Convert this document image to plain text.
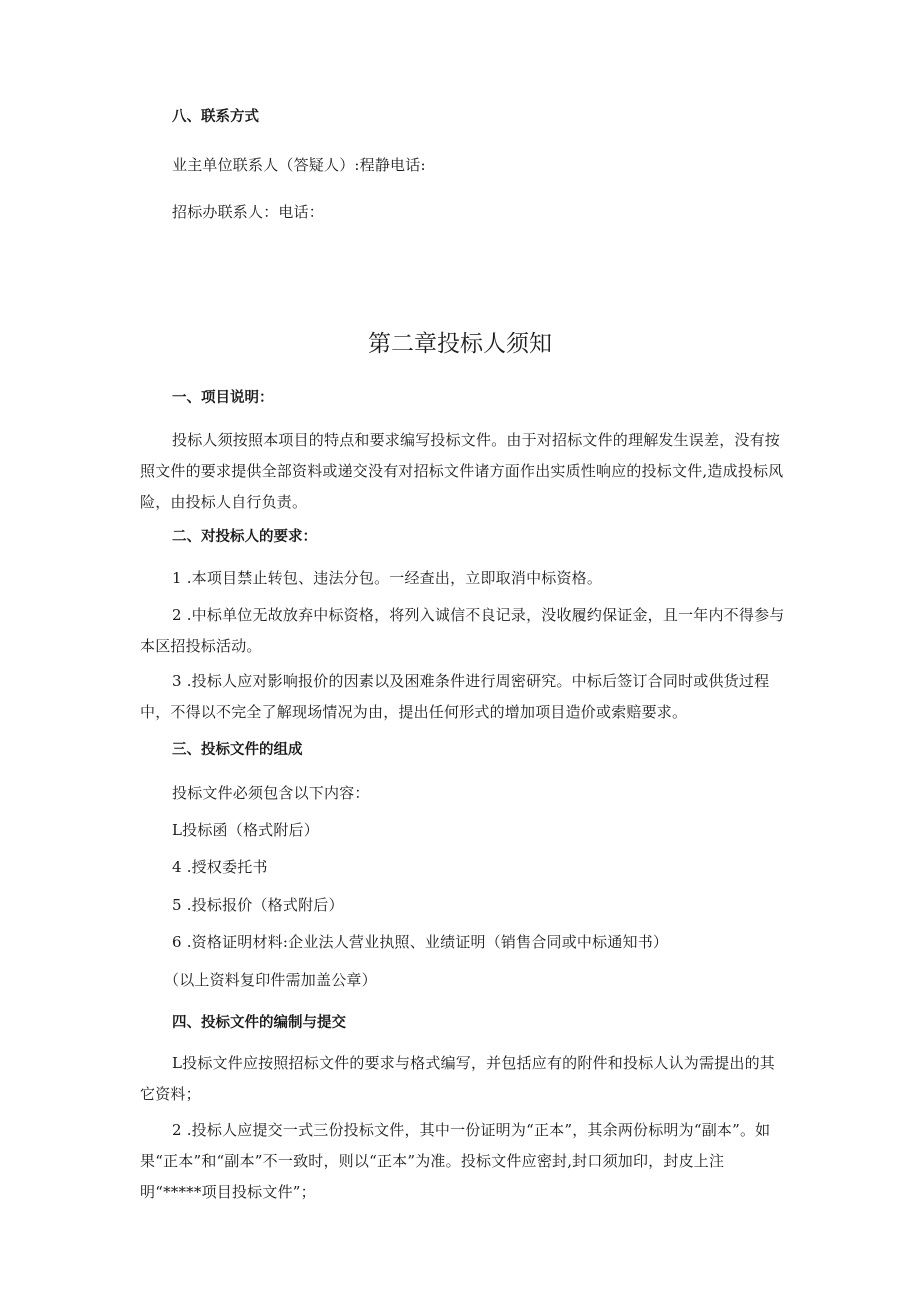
八、联系方式

业主单位联系人（答疑人）:程静电话:

招标办联系人：电话：

第二章投标人须知

一、项目说明：

投标人须按照本项目的特点和要求编写投标文件。由于对招标文件的理解发生误差，没有按照文件的要求提供全部资料或递交没有对招标文件诸方面作出实质性响应的投标文件,造成投标风险，由投标人自行负责。

二、对投标人的要求：

1 .本项目禁止转包、违法分包。一经查出，立即取消中标资格。

2 .中标单位无故放弃中标资格，将列入诚信不良记录，没收履约保证金，且一年内不得参与本区招投标活动。

3 .投标人应对影响报价的因素以及困难条件进行周密研究。中标后签订合同时或供货过程中，不得以不完全了解现场情况为由，提出任何形式的增加项目造价或索赔要求。

三、投标文件的组成

投标文件必须包含以下内容：

L投标函（格式附后）

4 .授权委托书

5 .投标报价（格式附后）

6 .资格证明材料:企业法人营业执照、业绩证明（销售合同或中标通知书）

（以上资料复印件需加盖公章）

四、投标文件的编制与提交

L投标文件应按照招标文件的要求与格式编写，并包括应有的附件和投标人认为需提出的其它资料；

2 .投标人应提交一式三份投标文件，其中一份证明为“正本”，其余两份标明为“副本”。如果“正本”和“副本”不一致时，则以“正本”为准。投标文件应密封,封口须加印，封皮上注明“*****项目投标文件”；
